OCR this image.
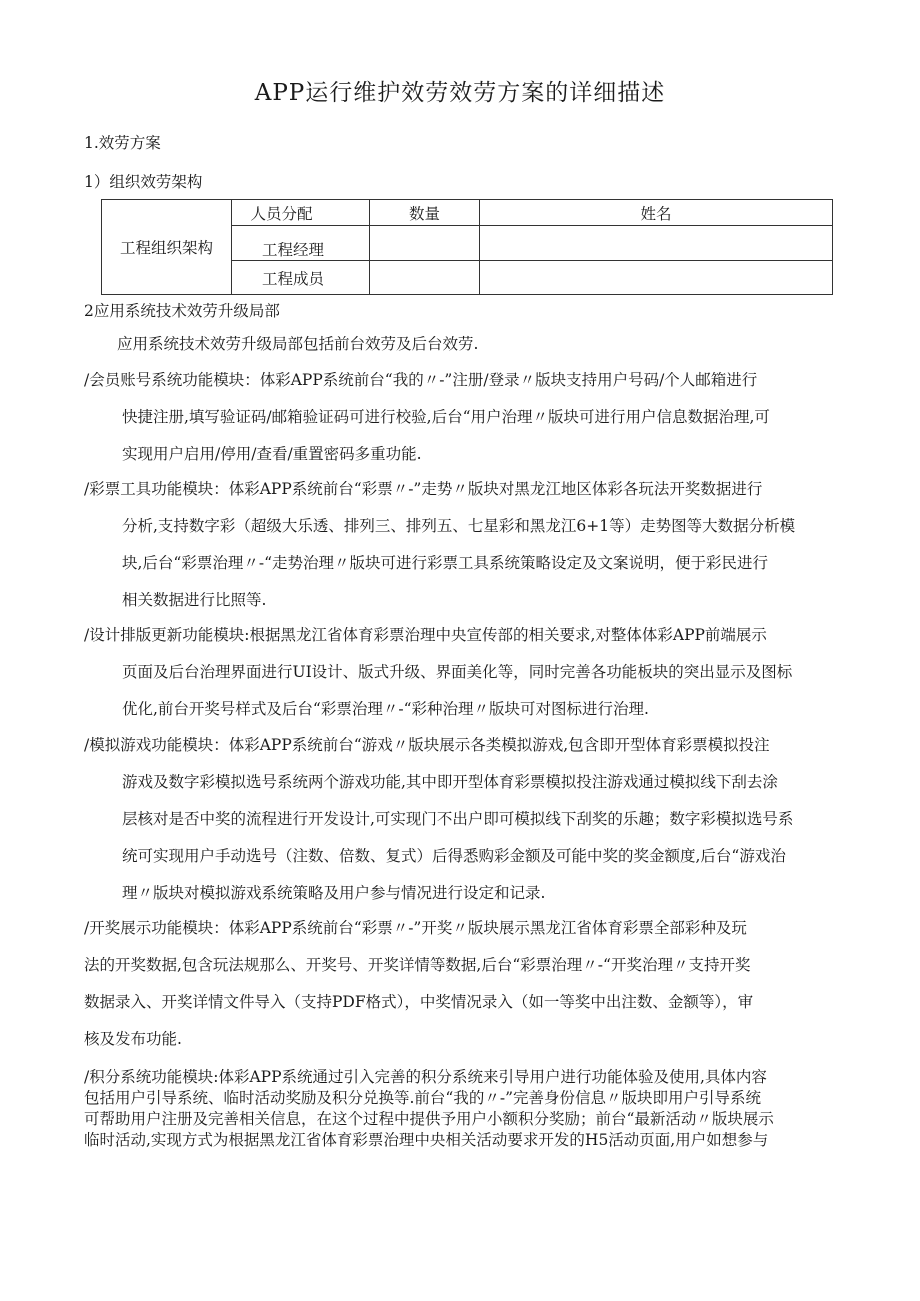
APP运行维护效劳效劳方案的详细描述
1.效劳方案
1）组织效劳架构
工程组织架构	人员分配	数量	姓名
	工程经理		
	工程成员		
2应用系统技术效劳升级局部
应用系统技术效劳升级局部包括前台效劳及后台效劳.
/会员账号系统功能模块：体彩APP系统前台“我的〃-”注册/登录〃版块支持用户号码/个人邮箱进行
快捷注册,填写验证码/邮箱验证码可进行校验,后台“用户治理〃版块可进行用户信息数据治理,可
实现用户启用/停用/查看/重置密码多重功能.
/彩票工具功能模块：体彩APP系统前台“彩票〃-”走势〃版块对黑龙江地区体彩各玩法开奖数据进行
分析,支持数字彩（超级大乐透、排列三、排列五、七星彩和黑龙江6+1等）走势图等大数据分析模
块,后台“彩票治理〃-“走势治理〃版块可进行彩票工具系统策略设定及文案说明，便于彩民进行
相关数据进行比照等.
/设计排版更新功能模块:根据黑龙江省体育彩票治理中央宣传部的相关要求,对整体体彩APP前端展示
页面及后台治理界面进行UI设计、版式升级、界面美化等，同时完善各功能板块的突出显示及图标
优化,前台开奖号样式及后台“彩票治理〃-“彩种治理〃版块可对图标进行治理.
/模拟游戏功能模块：体彩APP系统前台“游戏〃版块展示各类模拟游戏,包含即开型体育彩票模拟投注
游戏及数字彩模拟选号系统两个游戏功能,其中即开型体育彩票模拟投注游戏通过模拟线下刮去涂
层核对是否中奖的流程进行开发设计,可实现门不出户即可模拟线下刮奖的乐趣；数字彩模拟选号系
统可实现用户手动选号（注数、倍数、复式）后得悉购彩金额及可能中奖的奖金额度,后台“游戏治
理〃版块对模拟游戏系统策略及用户参与情况进行设定和记录.
/开奖展示功能模块：体彩APP系统前台“彩票〃-”开奖〃版块展示黑龙江省体育彩票全部彩种及玩
法的开奖数据,包含玩法规那么、开奖号、开奖详情等数据,后台“彩票治理〃-“开奖治理〃支持开奖
数据录入、开奖详情文件导入（支持PDF格式），中奖情况录入（如一等奖中出注数、金额等），审
核及发布功能.
/积分系统功能模块:体彩APP系统通过引入完善的积分系统来引导用户进行功能体验及使用,具体内容
包括用户引导系统、临时活动奖励及积分兑换等.前台“我的〃-”完善身份信息〃版块即用户引导系统
可帮助用户注册及完善相关信息，在这个过程中提供予用户小额积分奖励；前台“最新活动〃版块展示
临时活动,实现方式为根据黑龙江省体育彩票治理中央相关活动要求开发的H5活动页面,用户如想参与
